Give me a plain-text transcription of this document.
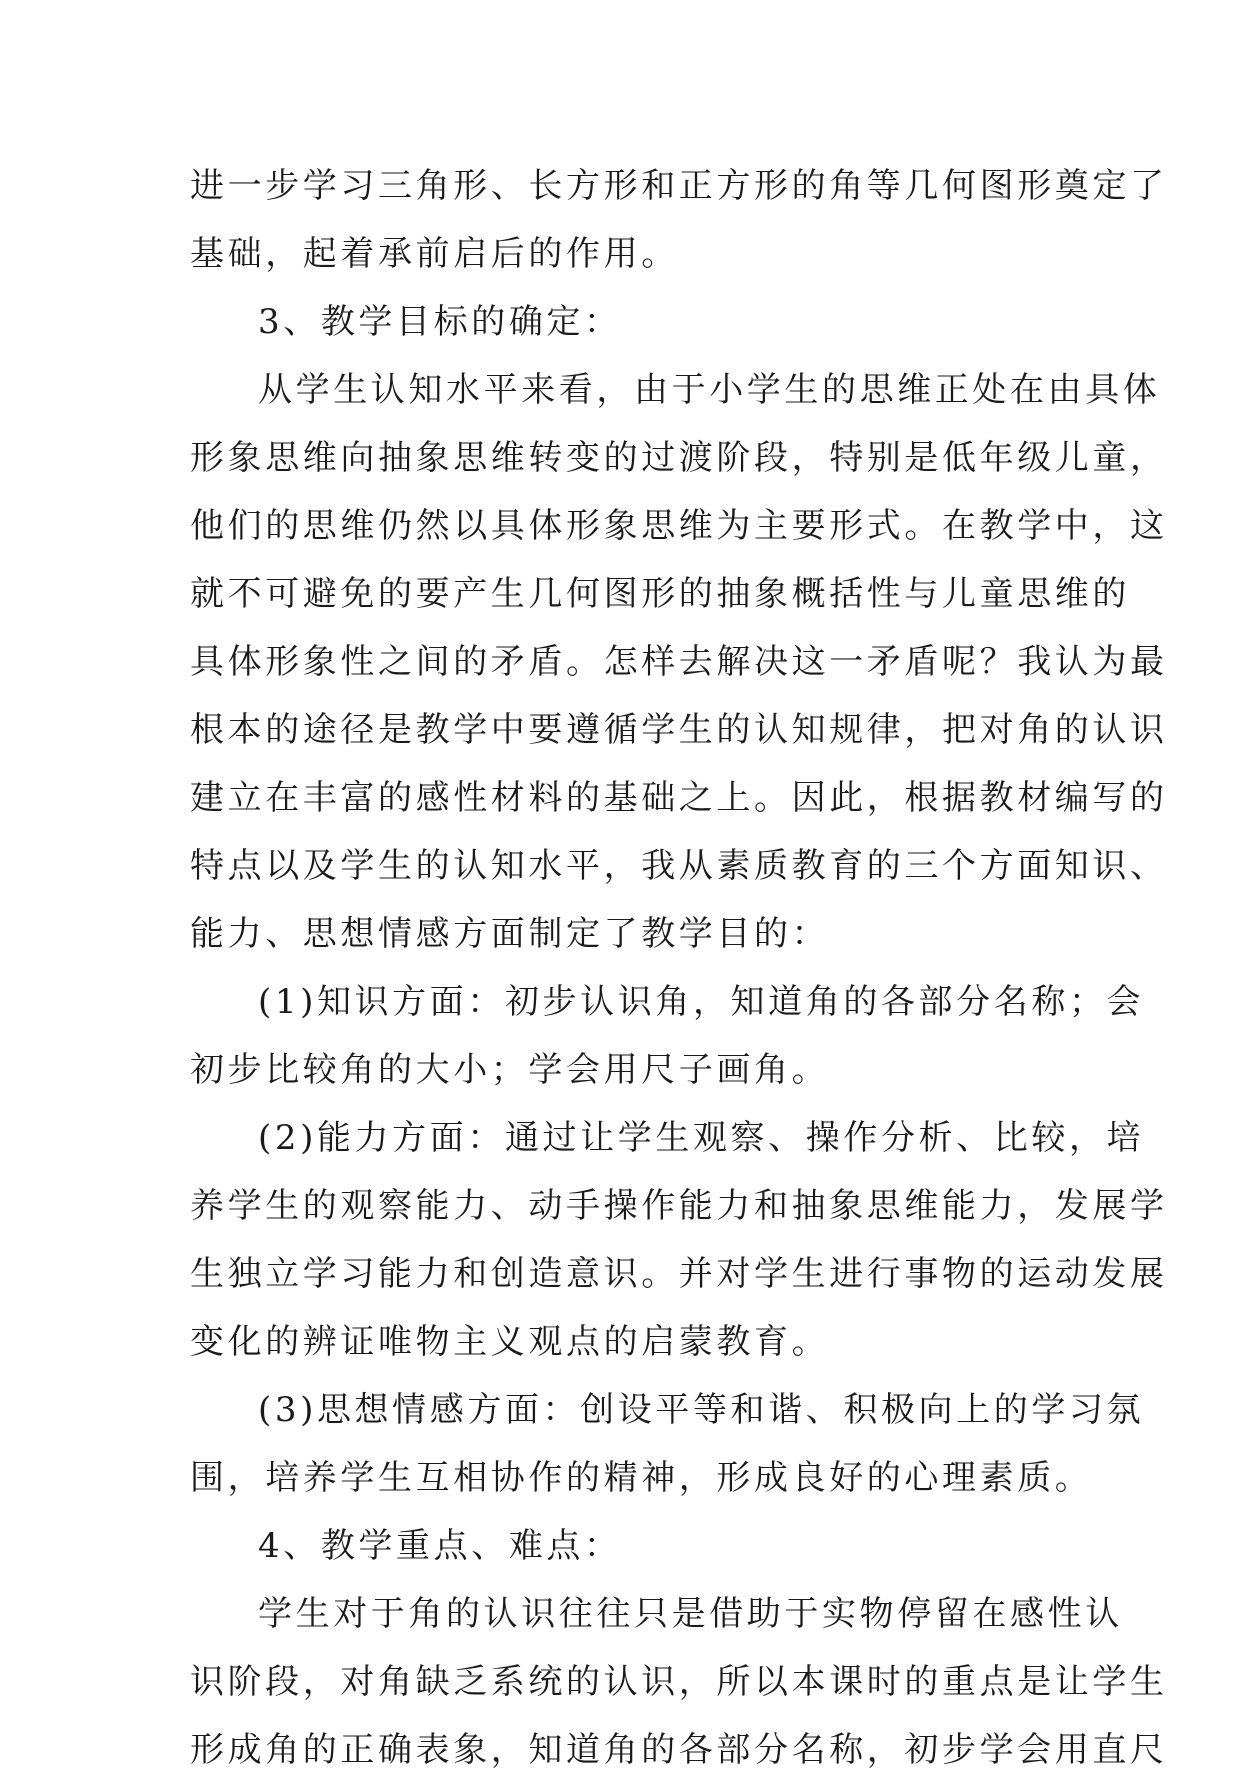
进一步学习三角形、长方形和正方形的角等几何图形奠定了
基础，起着承前启后的作用。
3、教学目标的确定：
从学生认知水平来看，由于小学生的思维正处在由具体
形象思维向抽象思维转变的过渡阶段，特别是低年级儿童，
他们的思维仍然以具体形象思维为主要形式。在教学中，这
就不可避免的要产生几何图形的抽象概括性与儿童思维的
具体形象性之间的矛盾。怎样去解决这一矛盾呢？我认为最
根本的途径是教学中要遵循学生的认知规律，把对角的认识
建立在丰富的感性材料的基础之上。因此，根据教材编写的
特点以及学生的认知水平，我从素质教育的三个方面知识、
能力、思想情感方面制定了教学目的：
(1)知识方面：初步认识角，知道角的各部分名称；会
初步比较角的大小；学会用尺子画角。
(2)能力方面：通过让学生观察、操作分析、比较，培
养学生的观察能力、动手操作能力和抽象思维能力，发展学
生独立学习能力和创造意识。并对学生进行事物的运动发展
变化的辨证唯物主义观点的启蒙教育。
(3)思想情感方面：创设平等和谐、积极向上的学习氛
围，培养学生互相协作的精神，形成良好的心理素质。
4、教学重点、难点：
学生对于角的认识往往只是借助于实物停留在感性认
识阶段，对角缺乏系统的认识，所以本课时的重点是让学生
形成角的正确表象，知道角的各部分名称，初步学会用直尺
